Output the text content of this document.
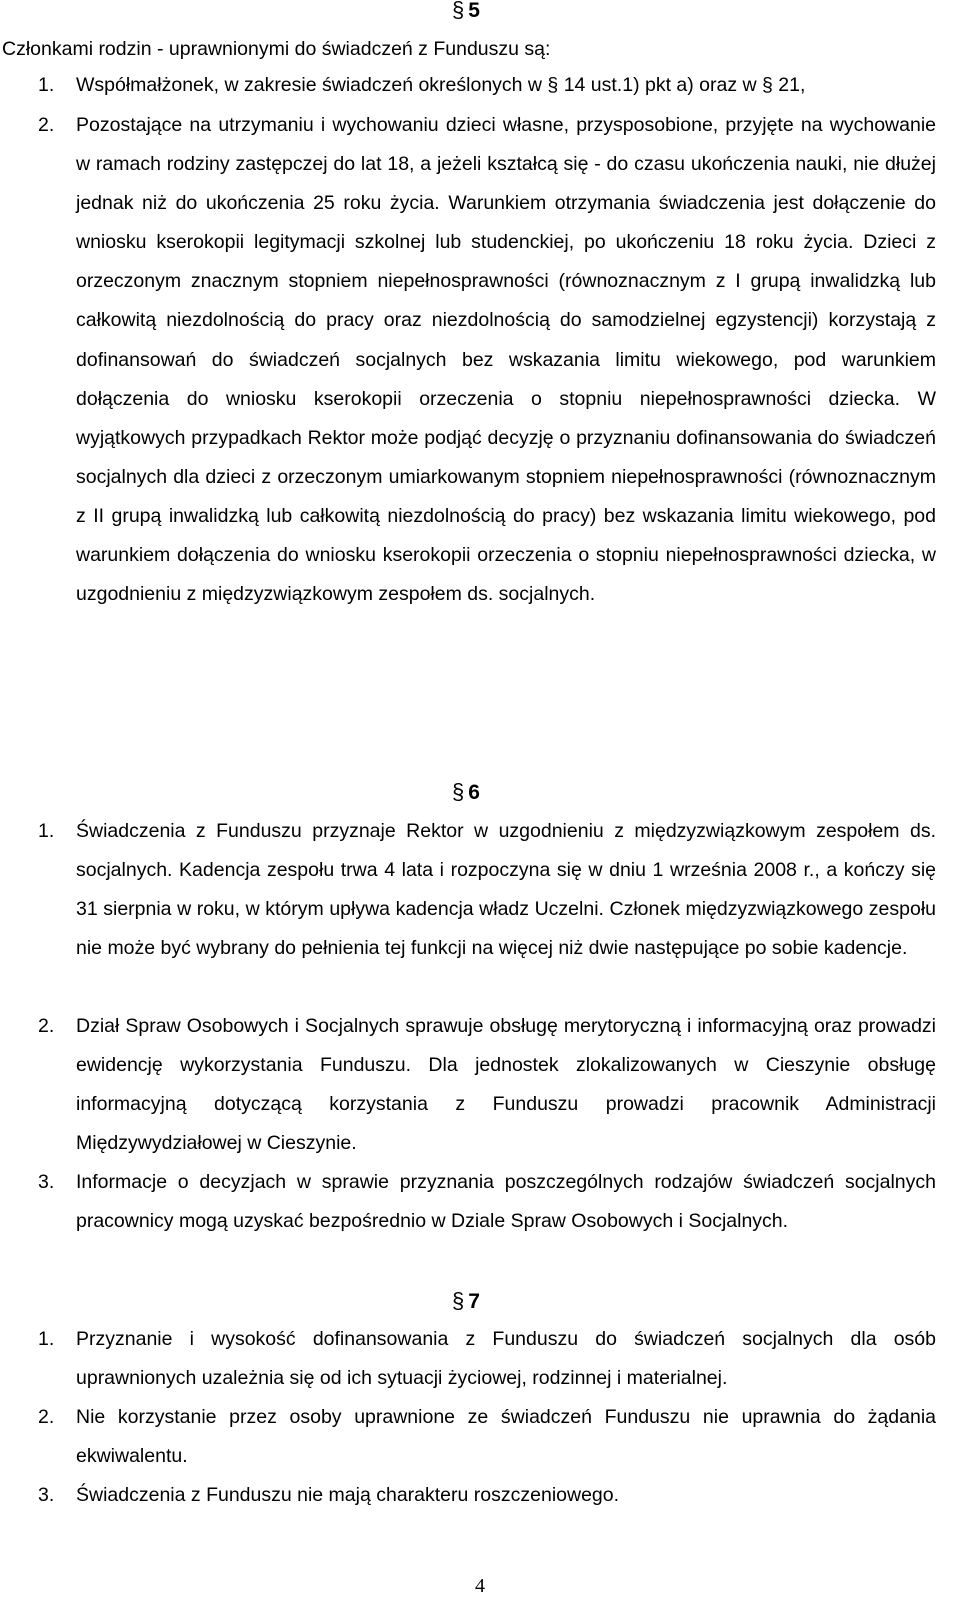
§ 5
Członkami rodzin - uprawnionymi do świadczeń z Funduszu są:
1.	Współmałżonek, w zakresie świadczeń określonych w § 14 ust.1) pkt a) oraz w § 21,
2.	Pozostające na utrzymaniu i wychowaniu dzieci własne, przysposobione, przyjęte na wychowanie w ramach rodziny zastępczej do lat 18, a jeżeli kształcą się - do czasu ukończenia nauki, nie dłużej jednak niż do ukończenia 25 roku życia. Warunkiem otrzymania świadczenia jest dołączenie do wniosku kserokopii legitymacji szkolnej lub studenckiej, po ukończeniu 18 roku życia. Dzieci z orzeczonym znacznym stopniem niepełnosprawności (równoznacznym z I grupą inwalidzką lub całkowitą niezdolnością do pracy oraz niezdolnością do samodzielnej egzystencji) korzystają z dofinansowań do świadczeń socjalnych bez wskazania limitu wiekowego, pod warunkiem dołączenia do wniosku kserokopii orzeczenia o stopniu niepełnosprawności dziecka. W wyjątkowych przypadkach Rektor może podjąć decyzję o przyznaniu dofinansowania do świadczeń socjalnych dla dzieci z orzeczonym umiarkowanym stopniem niepełnosprawności (równoznacznym z II grupą inwalidzką lub całkowitą niezdolnością do pracy) bez wskazania limitu wiekowego, pod warunkiem dołączenia do wniosku kserokopii orzeczenia o stopniu niepełnosprawności dziecka, w uzgodnieniu z międzyzwiązkowym zespołem ds. socjalnych.
§ 6
1.	Świadczenia z Funduszu przyznaje Rektor w uzgodnieniu z międzyzwiązkowym zespołem ds. socjalnych. Kadencja zespołu trwa 4 lata i rozpoczyna się w dniu 1 września 2008 r., a kończy się 31 sierpnia w roku, w którym upływa kadencja władz Uczelni. Członek międzyzwiązkowego zespołu nie może być wybrany do pełnienia tej funkcji na więcej niż dwie następujące po sobie kadencje.
2.	Dział Spraw Osobowych i Socjalnych sprawuje obsługę merytoryczną i informacyjną oraz prowadzi ewidencję wykorzystania Funduszu. Dla jednostek zlokalizowanych w Cieszynie obsługę informacyjną dotyczącą korzystania z Funduszu prowadzi pracownik Administracji Międzywydziałowej w Cieszynie.
3.	Informacje o decyzjach w sprawie przyznania poszczególnych rodzajów świadczeń socjalnych pracownicy mogą uzyskać bezpośrednio w Dziale Spraw Osobowych i Socjalnych.
§ 7
1.	Przyznanie i wysokość dofinansowania z Funduszu do świadczeń socjalnych dla osób uprawnionych uzależnia się od ich sytuacji życiowej, rodzinnej i materialnej.
2.	Nie korzystanie przez osoby uprawnione ze świadczeń Funduszu nie uprawnia do żądania ekwiwalentu.
3.	Świadczenia z Funduszu nie mają charakteru roszczeniowego.
4
